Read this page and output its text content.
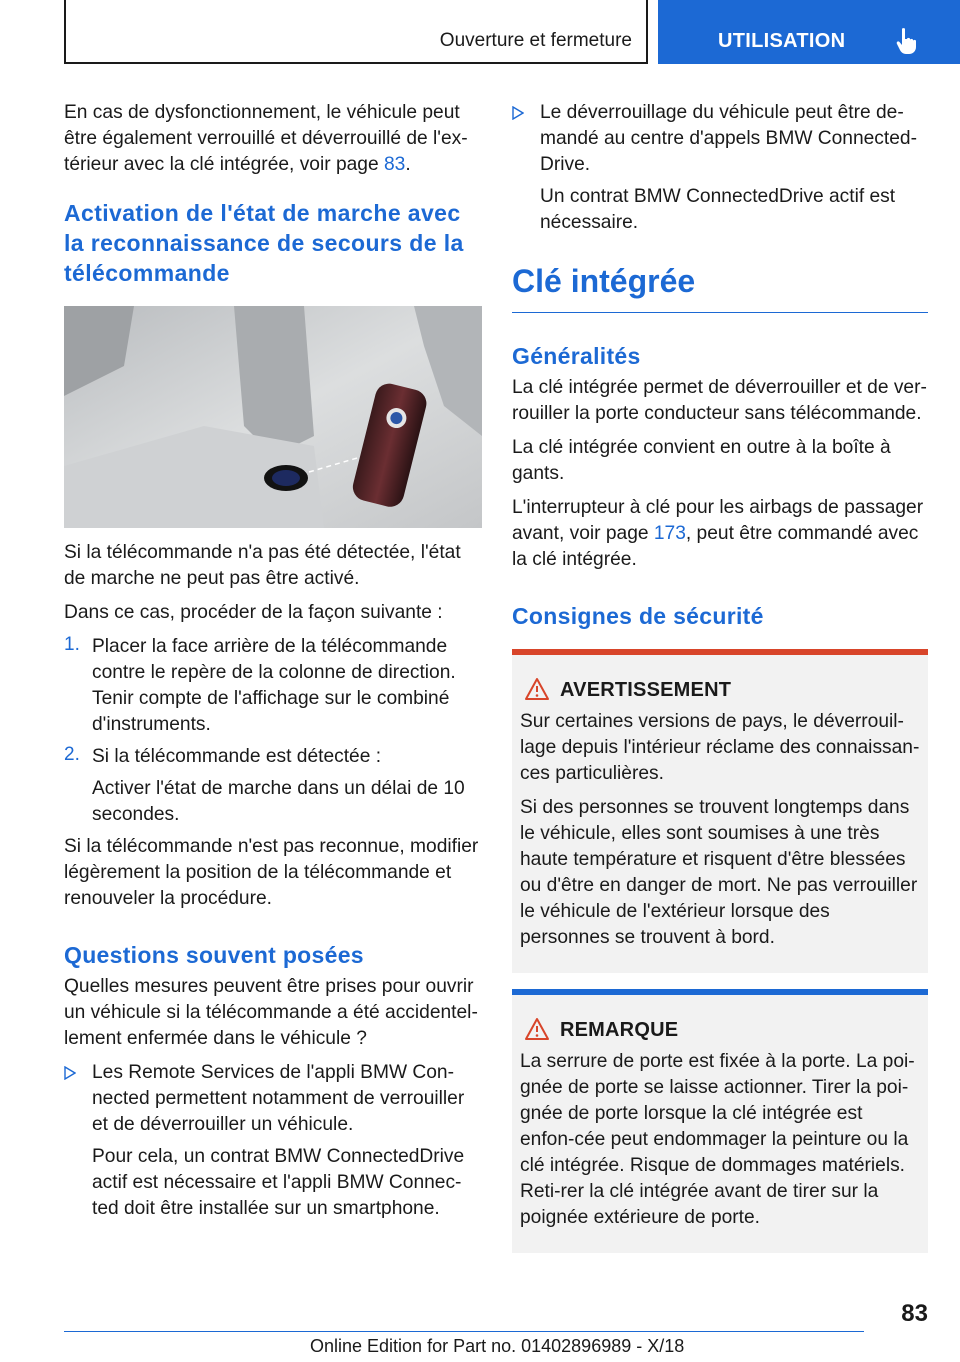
Ouverture et fermeture	UTILISATION

En cas de dysfonctionnement, le véhicule peut être également verrouillé et déverrouillé de l'ex-térieur avec la clé intégrée, voir page 83.

Activation de l'état de marche avec la reconnaissance de secours de la télécommande

Si la télécommande n'a pas été détectée, l'état de marche ne peut pas être activé.

Dans ce cas, procéder de la façon suivante :

1. Placer la face arrière de la télécommande contre le repère de la colonne de direction. Tenir compte de l'affichage sur le combiné d'instruments.

2. Si la télécommande est détectée :

Activer l'état de marche dans un délai de 10 secondes.

Si la télécommande n'est pas reconnue, modifier légèrement la position de la télécommande et renouveler la procédure.

Questions souvent posées

Quelles mesures peuvent être prises pour ouvrir un véhicule si la télécommande a été accidentel-lement enfermée dans le véhicule ?

Les Remote Services de l'appli BMW Con-nected permettent notamment de verrouiller et de déverrouiller un véhicule.

Pour cela, un contrat BMW ConnectedDrive actif est nécessaire et l'appli BMW Connec-ted doit être installée sur un smartphone.

Le déverrouillage du véhicule peut être de-mandé au centre d'appels BMW Connected-Drive.

Un contrat BMW ConnectedDrive actif est nécessaire.

Clé intégrée
Généralités

La clé intégrée permet de déverrouiller et de ver-rouiller la porte conducteur sans télécommande.

La clé intégrée convient en outre à la boîte à gants.

L'interrupteur à clé pour les airbags de passager avant, voir page 173, peut être commandé avec la clé intégrée.

Consignes de sécurité
AVERTISSEMENT

Sur certaines versions de pays, le déverrouil-lage depuis l'intérieur réclame des connaissan-ces particulières.

Si des personnes se trouvent longtemps dans le véhicule, elles sont soumises à une très haute température et risquent d'être blessées ou d'être en danger de mort. Ne pas verrouiller le véhicule de l'extérieur lorsque des personnes se trouvent à bord.

REMARQUE

La serrure de porte est fixée à la porte. La poi-gnée de porte se laisse actionner. Tirer la poi-gnée de porte lorsque la clé intégrée est enfon-cée peut endommager la peinture ou la clé intégrée. Risque de dommages matériels. Reti-rer la clé intégrée avant de tirer sur la poignée extérieure de porte.

83
Online Edition for Part no. 01402896989 - X/18
